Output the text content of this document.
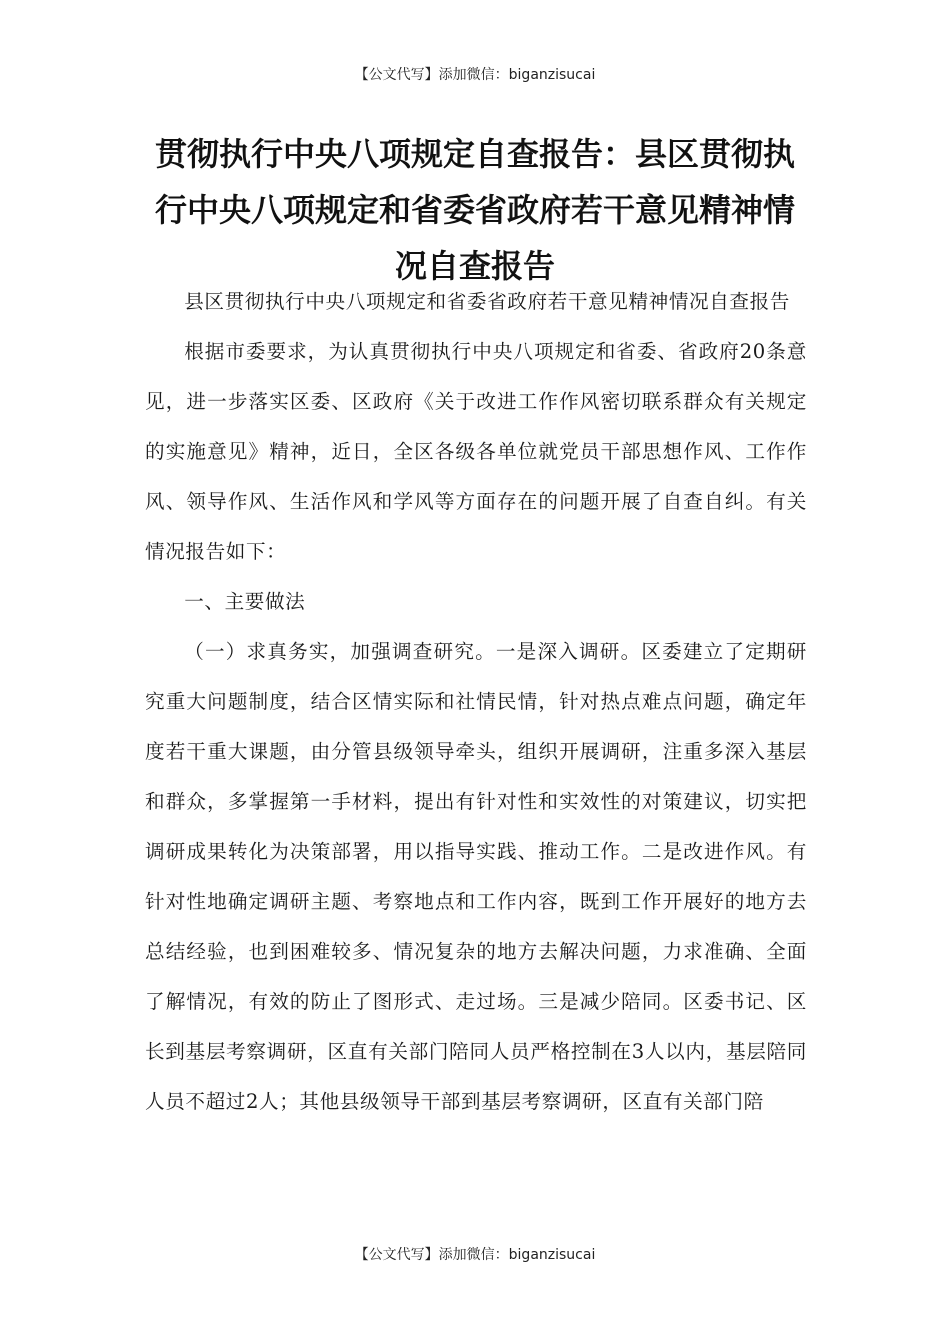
【公文代写】添加微信：biganzisucai
贯彻执行中央八项规定自查报告：县区贯彻执行中央八项规定和省委省政府若干意见精神情况自查报告

县区贯彻执行中央八项规定和省委省政府若干意见精神情况自查报告

根据市委要求，为认真贯彻执行中央八项规定和省委、省政府20条意见，进一步落实区委、区政府《关于改进工作作风密切联系群众有关规定的实施意见》精神，近日，全区各级各单位就党员干部思想作风、工作作风、领导作风、生活作风和学风等方面存在的问题开展了自查自纠。有关情况报告如下：

一、主要做法

（一）求真务实，加强调查研究。一是深入调研。区委建立了定期研究重大问题制度，结合区情实际和社情民情，针对热点难点问题，确定年度若干重大课题，由分管县级领导牵头，组织开展调研，注重多深入基层和群众，多掌握第一手材料，提出有针对性和实效性的对策建议，切实把调研成果转化为决策部署，用以指导实践、推动工作。二是改进作风。有针对性地确定调研主题、考察地点和工作内容，既到工作开展好的地方去总结经验，也到困难较多、情况复杂的地方去解决问题，力求准确、全面了解情况，有效的防止了图形式、走过场。三是减少陪同。区委书记、区长到基层考察调研，区直有关部门陪同人员严格控制在3人以内，基层陪同人员不超过2人；其他县级领导干部到基层考察调研，区直有关部门陪

【公文代写】添加微信：biganzisucai
